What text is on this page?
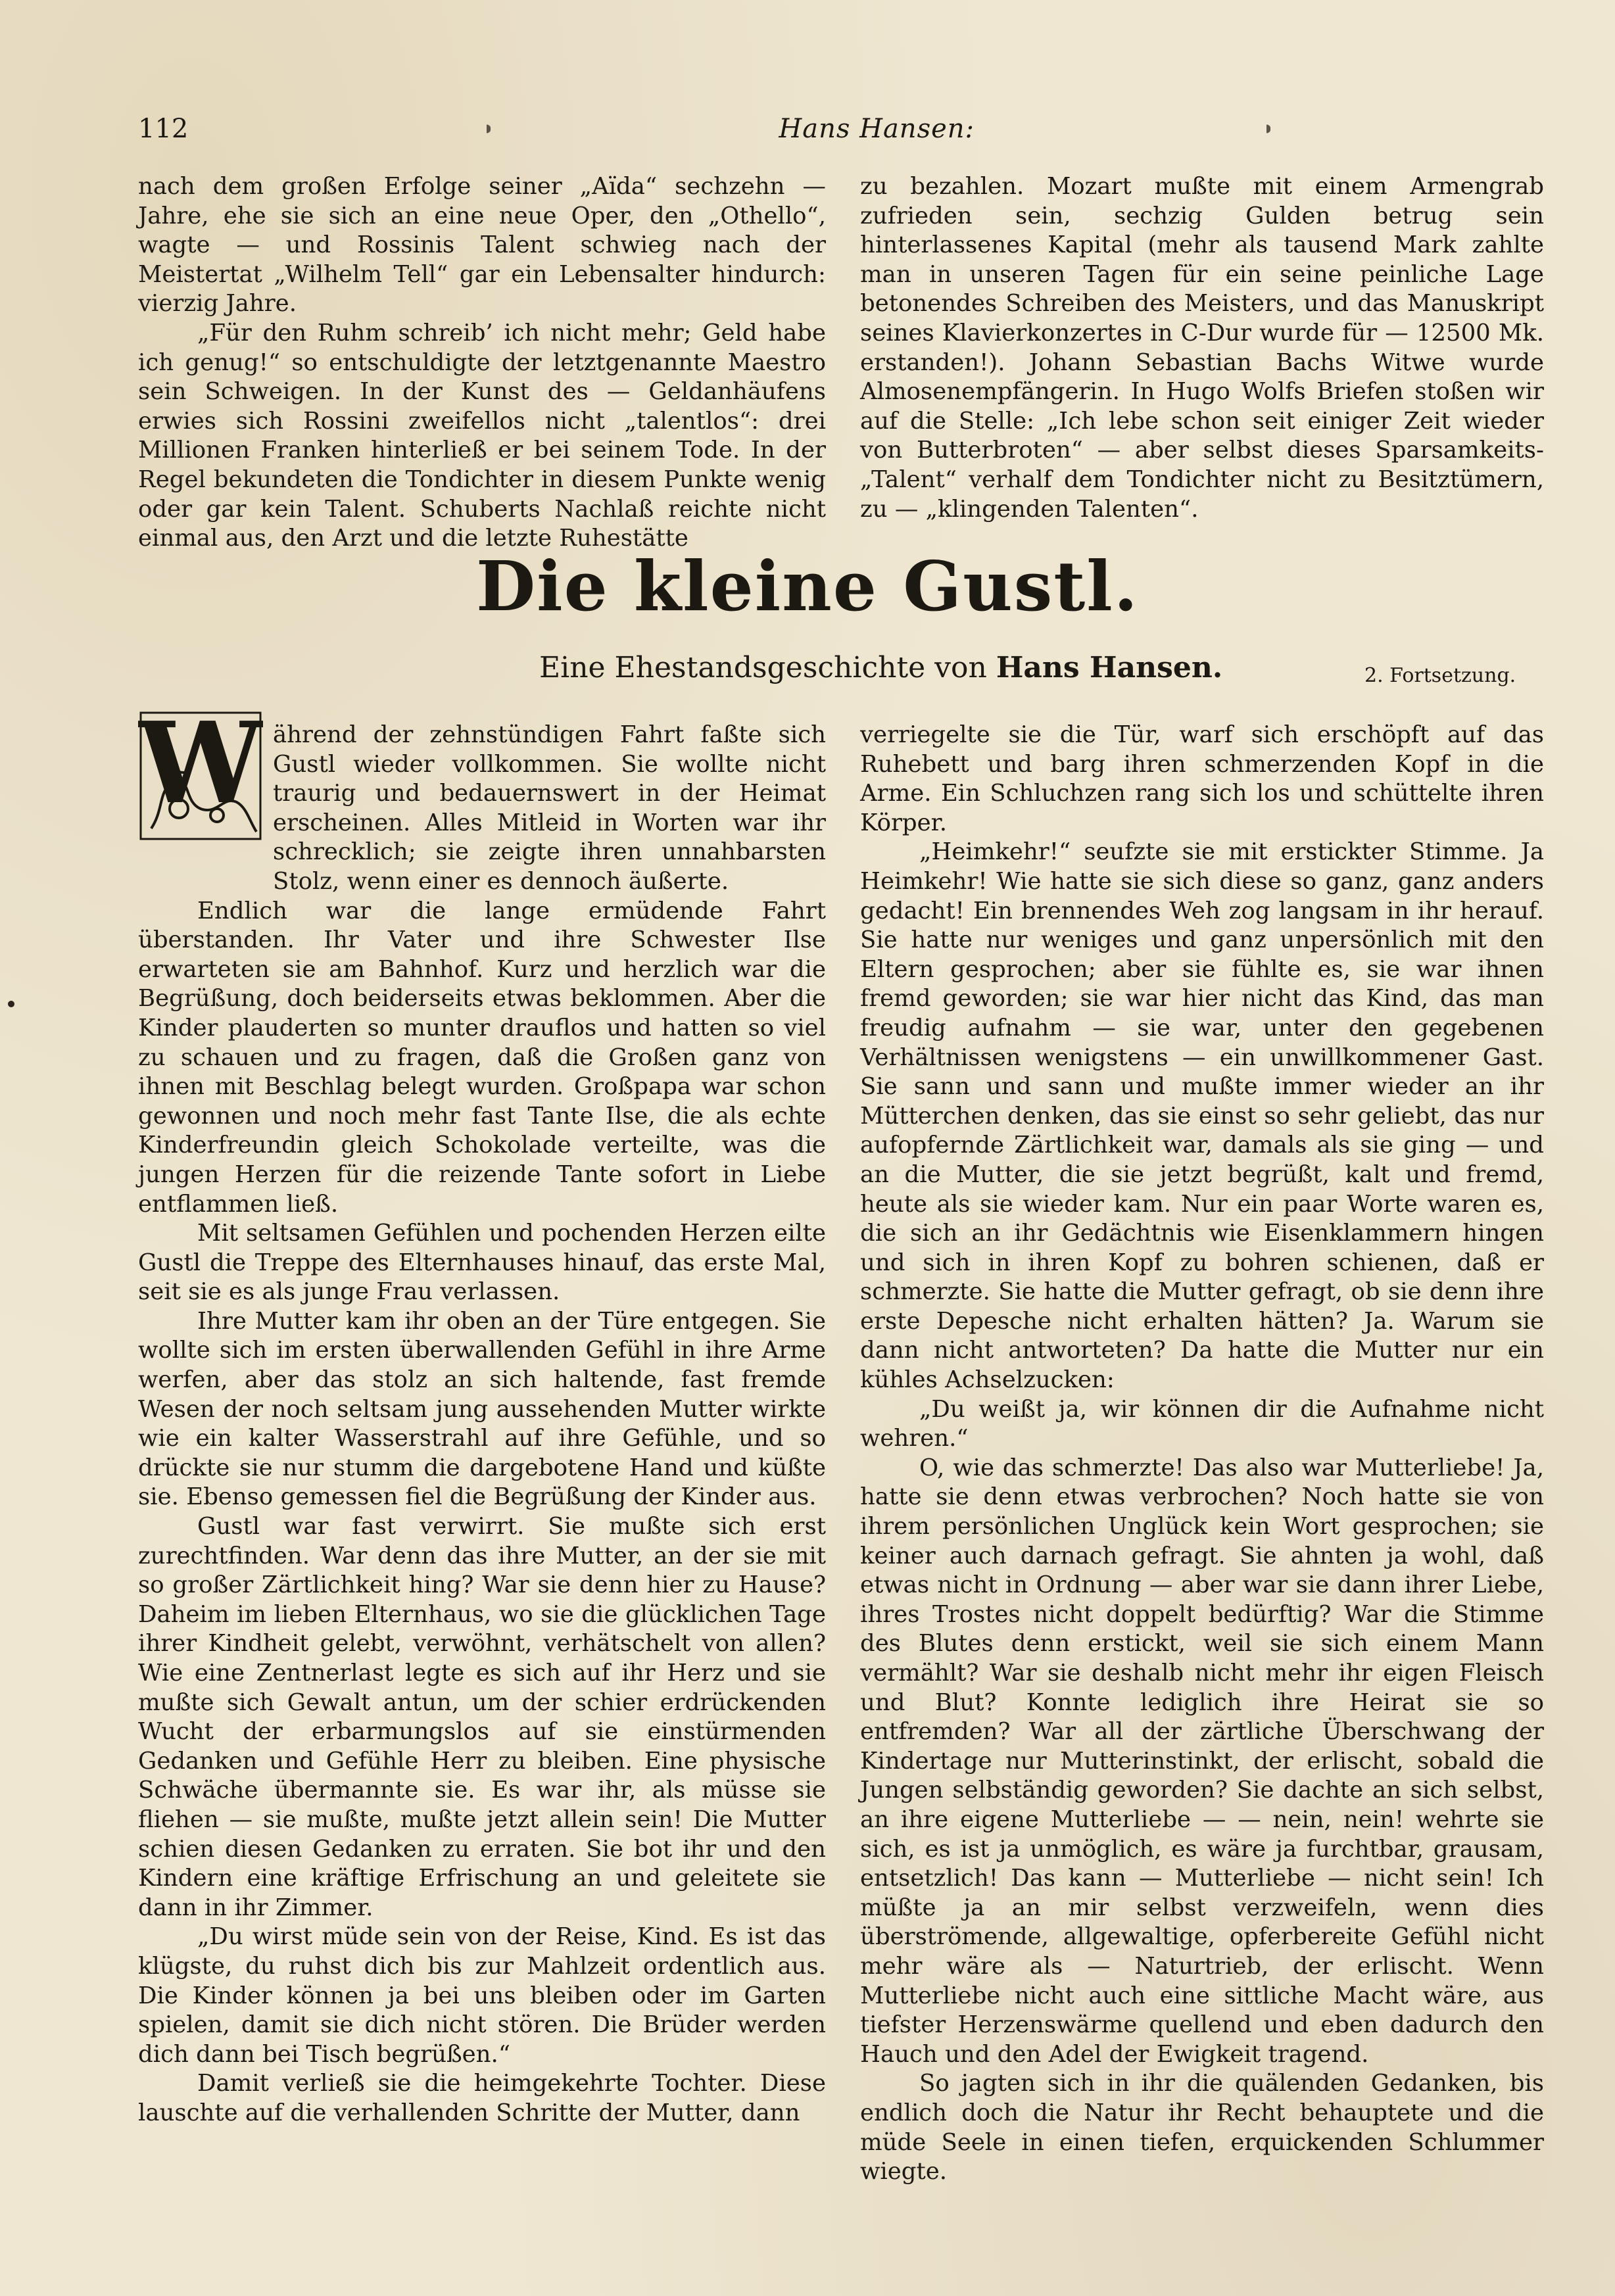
112	Hans Hansen:

nach dem großen Erfolge seiner „Aïda“ sechzehn — Jahre, ehe sie sich an eine neue Oper, den „Othello“, wagte — und Rossinis Talent schwieg nach der Meistertat „Wilhelm Tell“ gar ein Lebensalter hindurch: vierzig Jahre.

„Für den Ruhm schreib’ ich nicht mehr; Geld habe ich genug!“ so entschuldigte der letztgenannte Maestro sein Schweigen. In der Kunst des — Geldanhäufens erwies sich Rossini zweifellos nicht „talentlos“: drei Millionen Franken hinterließ er bei seinem Tode. In der Regel bekundeten die Tondichter in diesem Punkte wenig oder gar kein Talent. Schuberts Nachlaß reichte nicht einmal aus, den Arzt und die letzte Ruhestätte

zu bezahlen. Mozart mußte mit einem Armengrab zufrieden sein, sechzig Gulden betrug sein hinterlassenes Kapital (mehr als tausend Mark zahlte man in unseren Tagen für ein seine peinliche Lage betonendes Schreiben des Meisters, und das Manuskript seines Klavierkonzertes in C-Dur wurde für — 12500 Mk. erstanden!). Johann Sebastian Bachs Witwe wurde Almosenempfängerin. In Hugo Wolfs Briefen stoßen wir auf die Stelle: „Ich lebe schon seit einiger Zeit wieder von Butterbroten“ — aber selbst dieses Sparsamkeits-„Talent“ verhalf dem Tondichter nicht zu Besitztümern, zu — „klingenden Talenten“.

Die kleine Gustl.
Eine Ehestandsgeschichte von Hans Hansen.	2. Fortsetzung.
W ährend der zehnstündigen Fahrt faßte sich Gustl wieder vollkommen. Sie wollte nicht traurig und bedauernswert in der Heimat erscheinen. Alles Mitleid in Worten war ihr schrecklich; sie zeigte ihren unnahbarsten Stolz, wenn einer es dennoch äußerte.

Endlich war die lange ermüdende Fahrt überstanden. Ihr Vater und ihre Schwester Ilse erwarteten sie am Bahnhof. Kurz und herzlich war die Begrüßung, doch beiderseits etwas beklommen. Aber die Kinder plauderten so munter drauflos und hatten so viel zu schauen und zu fragen, daß die Großen ganz von ihnen mit Beschlag belegt wurden. Großpapa war schon gewonnen und noch mehr fast Tante Ilse, die als echte Kinderfreundin gleich Schokolade verteilte, was die jungen Herzen für die reizende Tante sofort in Liebe entflammen ließ.

Mit seltsamen Gefühlen und pochenden Herzen eilte Gustl die Treppe des Elternhauses hinauf, das erste Mal, seit sie es als junge Frau verlassen.

Ihre Mutter kam ihr oben an der Türe entgegen. Sie wollte sich im ersten überwallenden Gefühl in ihre Arme werfen, aber das stolz an sich haltende, fast fremde Wesen der noch seltsam jung aussehenden Mutter wirkte wie ein kalter Wasserstrahl auf ihre Gefühle, und so drückte sie nur stumm die dargebotene Hand und küßte sie. Ebenso gemessen fiel die Begrüßung der Kinder aus.

Gustl war fast verwirrt. Sie mußte sich erst zurechtfinden. War denn das ihre Mutter, an der sie mit so großer Zärtlichkeit hing? War sie denn hier zu Hause? Daheim im lieben Elternhaus, wo sie die glücklichen Tage ihrer Kindheit gelebt, verwöhnt, verhätschelt von allen? Wie eine Zentnerlast legte es sich auf ihr Herz und sie mußte sich Gewalt antun, um der schier erdrückenden Wucht der erbarmungslos auf sie einstürmenden Gedanken und Gefühle Herr zu bleiben. Eine physische Schwäche übermannte sie. Es war ihr, als müsse sie fliehen — sie mußte, mußte jetzt allein sein! Die Mutter schien diesen Gedanken zu erraten. Sie bot ihr und den Kindern eine kräftige Erfrischung an und geleitete sie dann in ihr Zimmer.

„Du wirst müde sein von der Reise, Kind. Es ist das klügste, du ruhst dich bis zur Mahlzeit ordentlich aus. Die Kinder können ja bei uns bleiben oder im Garten spielen, damit sie dich nicht stören. Die Brüder werden dich dann bei Tisch begrüßen.“

Damit verließ sie die heimgekehrte Tochter. Diese lauschte auf die verhallenden Schritte der Mutter, dann

verriegelte sie die Tür, warf sich erschöpft auf das Ruhebett und barg ihren schmerzenden Kopf in die Arme. Ein Schluchzen rang sich los und schüttelte ihren Körper.

„Heimkehr!“ seufzte sie mit erstickter Stimme. Ja Heimkehr! Wie hatte sie sich diese so ganz, ganz anders gedacht! Ein brennendes Weh zog langsam in ihr herauf. Sie hatte nur weniges und ganz unpersönlich mit den Eltern gesprochen; aber sie fühlte es, sie war ihnen fremd geworden; sie war hier nicht das Kind, das man freudig aufnahm — sie war, unter den gegebenen Verhältnissen wenigstens — ein unwillkommener Gast. Sie sann und sann und mußte immer wieder an ihr Mütterchen denken, das sie einst so sehr geliebt, das nur aufopfernde Zärtlichkeit war, damals als sie ging — und an die Mutter, die sie jetzt begrüßt, kalt und fremd, heute als sie wieder kam. Nur ein paar Worte waren es, die sich an ihr Gedächtnis wie Eisenklammern hingen und sich in ihren Kopf zu bohren schienen, daß er schmerzte. Sie hatte die Mutter gefragt, ob sie denn ihre erste Depesche nicht erhalten hätten? Ja. Warum sie dann nicht antworteten? Da hatte die Mutter nur ein kühles Achselzucken:

„Du weißt ja, wir können dir die Aufnahme nicht wehren.“

O, wie das schmerzte! Das also war Mutterliebe! Ja, hatte sie denn etwas verbrochen? Noch hatte sie von ihrem persönlichen Unglück kein Wort gesprochen; sie keiner auch darnach gefragt. Sie ahnten ja wohl, daß etwas nicht in Ordnung — aber war sie dann ihrer Liebe, ihres Trostes nicht doppelt bedürftig? War die Stimme des Blutes denn erstickt, weil sie sich einem Mann vermählt? War sie deshalb nicht mehr ihr eigen Fleisch und Blut? Konnte lediglich ihre Heirat sie so entfremden? War all der zärtliche Überschwang der Kindertage nur Mutterinstinkt, der erlischt, sobald die Jungen selbständig geworden? Sie dachte an sich selbst, an ihre eigene Mutterliebe — — nein, nein! wehrte sie sich, es ist ja unmöglich, es wäre ja furchtbar, grausam, entsetzlich! Das kann — Mutterliebe — nicht sein! Ich müßte ja an mir selbst verzweifeln, wenn dies überströmende, allgewaltige, opferbereite Gefühl nicht mehr wäre als — Naturtrieb, der erlischt. Wenn Mutterliebe nicht auch eine sittliche Macht wäre, aus tiefster Herzenswärme quellend und eben dadurch den Hauch und den Adel der Ewigkeit tragend.

So jagten sich in ihr die quälenden Gedanken, bis endlich doch die Natur ihr Recht behauptete und die müde Seele in einen tiefen, erquickenden Schlummer wiegte.
